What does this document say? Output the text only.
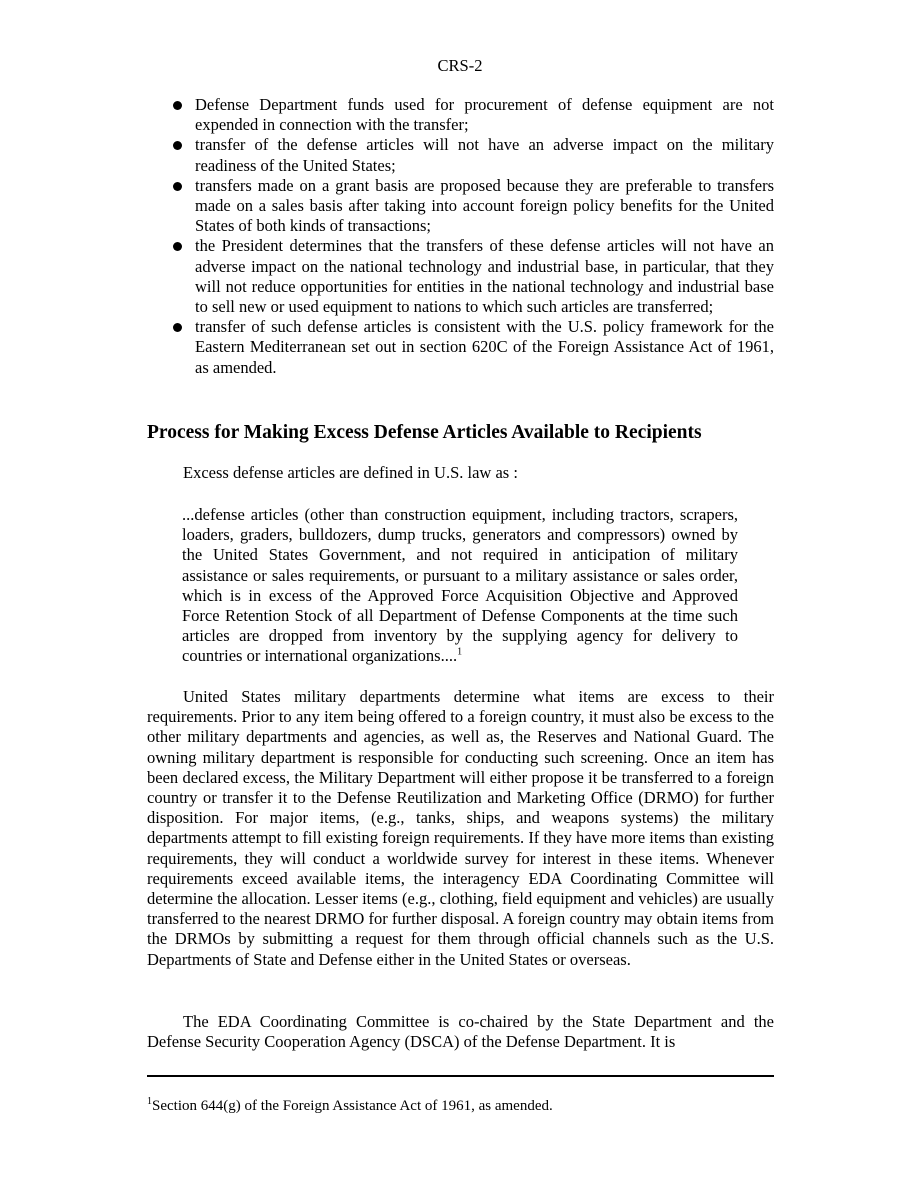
CRS-2
Defense Department funds used for procurement of defense equipment are not expended in connection with the transfer;
transfer of the defense articles will not have an adverse impact on the military readiness of the United States;
transfers made on a grant basis are proposed because they are preferable to transfers made on a sales basis after taking into account foreign policy benefits for the United States of both kinds of transactions;
the President determines that the transfers of these defense articles will not have an adverse impact on the national technology and industrial base, in particular, that they will not reduce opportunities for entities in the national technology and industrial base to sell new or used equipment to nations to which such articles are transferred;
transfer of such defense articles is consistent with the U.S. policy framework for the Eastern Mediterranean set out in section 620C of the Foreign Assistance Act of 1961, as amended.
Process for Making Excess Defense Articles Available to Recipients

Excess defense articles are defined in U.S. law as :

...defense articles (other than construction equipment, including tractors, scrapers, loaders, graders, bulldozers, dump trucks, generators and compressors) owned by the United States Government, and not required in anticipation of military assistance or sales requirements, or pursuant to a military assistance or sales order, which is in excess of the Approved Force Acquisition Objective and Approved Force Retention Stock of all Department of Defense Components at the time such articles are dropped from inventory by the supplying agency for delivery to countries or international organizations....$^1$

United States military departments determine what items are excess to their requirements. Prior to any item being offered to a foreign country, it must also be excess to the other military departments and agencies, as well as, the Reserves and National Guard. The owning military department is responsible for conducting such screening. Once an item has been declared excess, the Military Department will either propose it be transferred to a foreign country or transfer it to the Defense Reutilization and Marketing Office (DRMO) for further disposition. For major items, (e.g., tanks, ships, and weapons systems) the military departments attempt to fill existing foreign requirements. If they have more items than existing requirements, they will conduct a worldwide survey for interest in these items. Whenever requirements exceed available items, the interagency EDA Coordinating Committee will determine the allocation. Lesser items (e.g., clothing, field equipment and vehicles) are usually transferred to the nearest DRMO for further disposal. A foreign country may obtain items from the DRMOs by submitting a request for them through official channels such as the U.S. Departments of State and Defense either in the United States or overseas.

The EDA Coordinating Committee is co-chaired by the State Department and the Defense Security Cooperation Agency (DSCA) of the Defense Department. It is

$^1$Section 644(g) of the Foreign Assistance Act of 1961, as amended.
